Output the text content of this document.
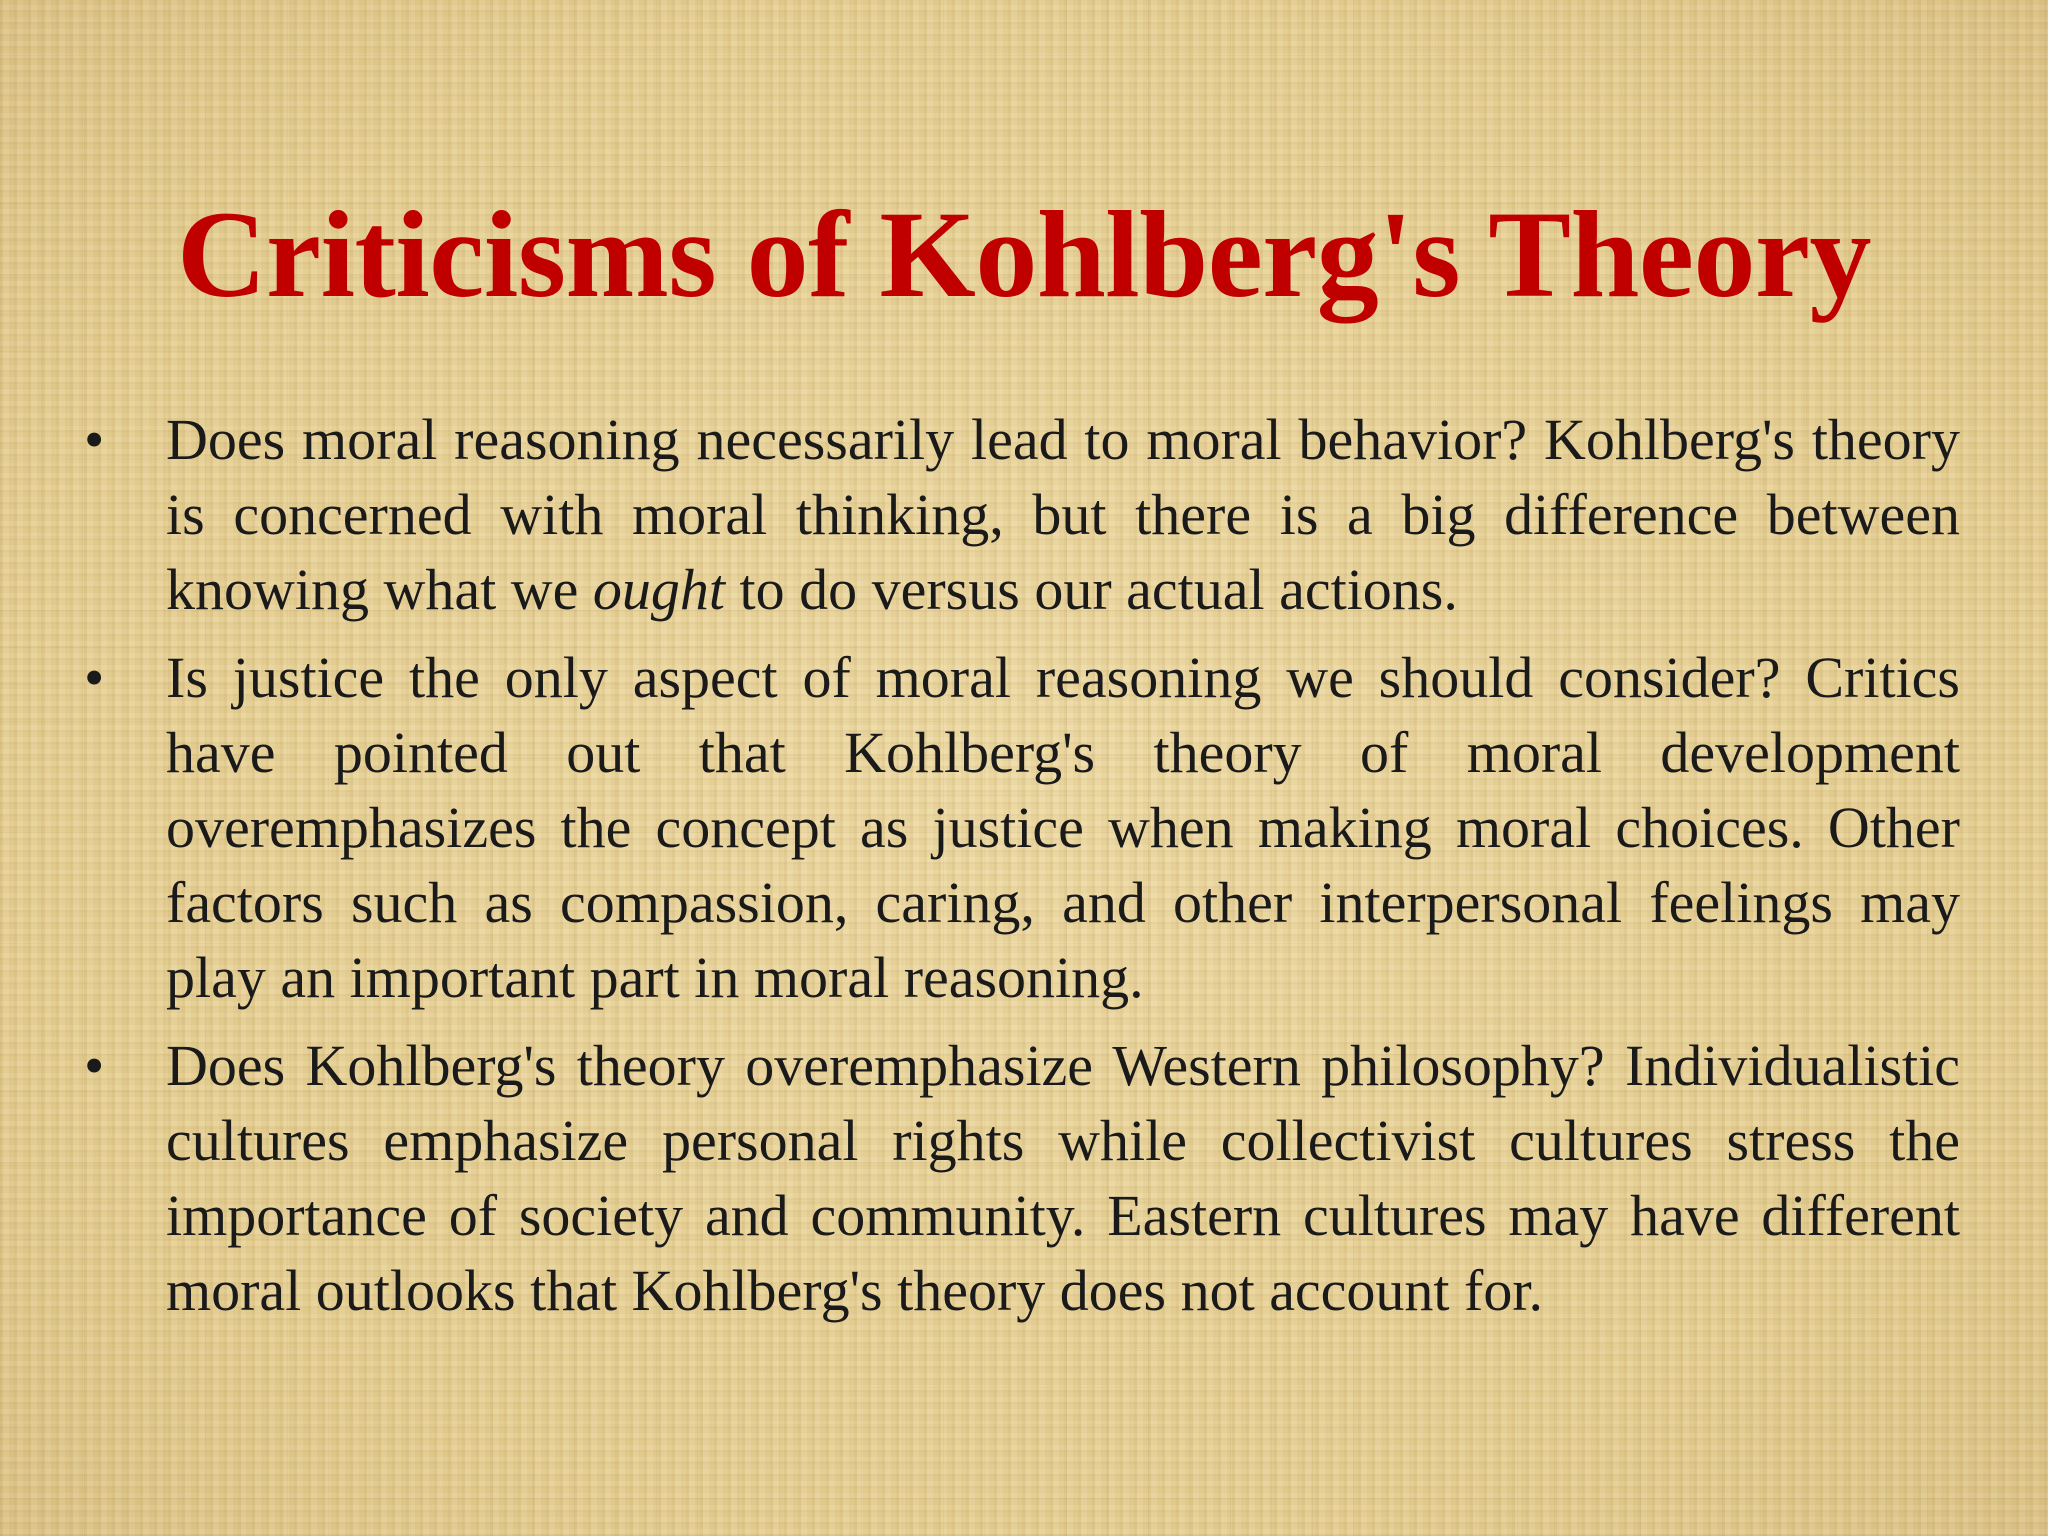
Criticisms of Kohlberg's Theory
• Does moral reasoning necessarily lead to moral behavior? Kohlberg's theory is concerned with moral thinking, but there is a big difference between knowing what we ought to do versus our actual actions.
• Is justice the only aspect of moral reasoning we should consider? Critics have pointed out that Kohlberg's theory of moral development overemphasizes the concept as justice when making moral choices. Other factors such as compassion, caring, and other interpersonal feelings may play an important part in moral reasoning.
• Does Kohlberg's theory overemphasize Western philosophy? Individualistic cultures emphasize personal rights while collectivist cultures stress the importance of society and community. Eastern cultures may have different moral outlooks that Kohlberg's theory does not account for.
